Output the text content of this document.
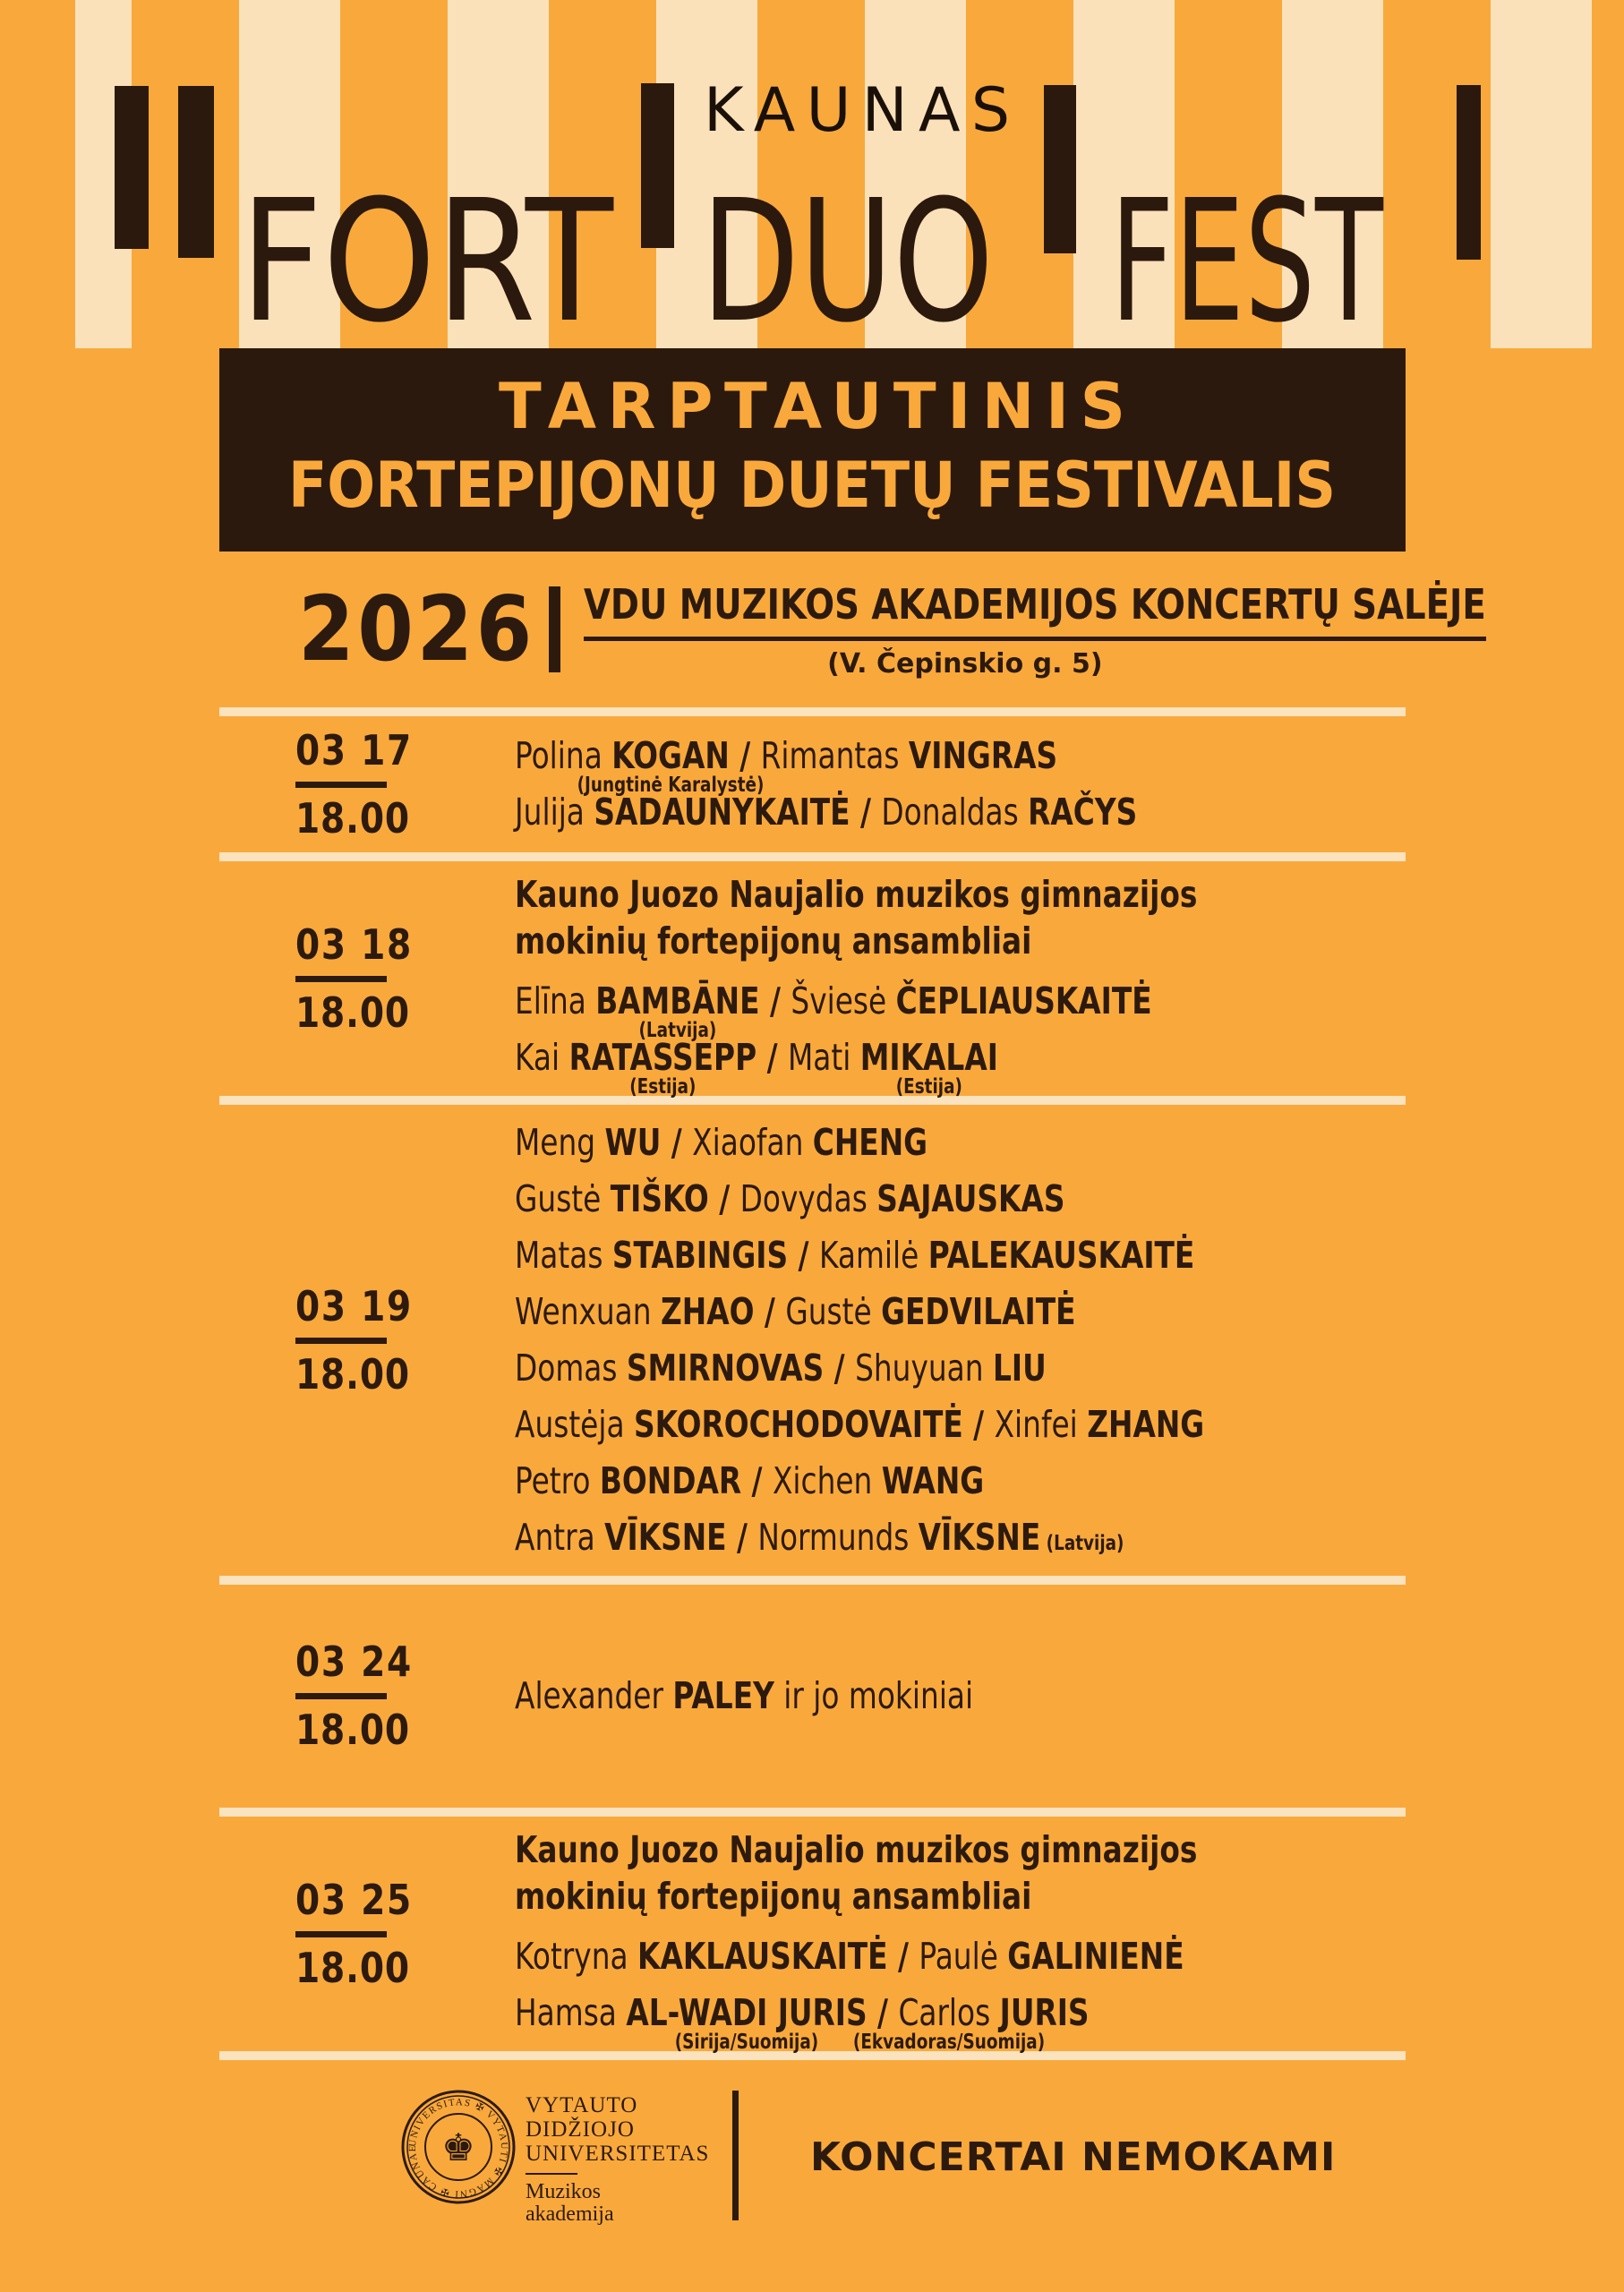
KAUNAS
FORT DUO FEST
TARPTAUTINIS
FORTEPIJONŲ DUETŲ FESTIVALIS
2026 VDU MUZIKOS AKADEMIJOS KONCERTŲ SALĖJE
(V. Čepinskio g. 5)
03 17
18.00
Polina KOGAN
(Jungtinė Karalystė)
/ Rimantas VINGRAS
Julija SADAUNYKAITĖ / Donaldas RAČYS
03 18
18.00
Kauno Juozo Naujalio muzikos gimnazijos
mokinių fortepijonų ansambliai
Elīna BAMBĀNE
(Latvija)
/ Šviesė ČEPLIAUSKAITĖ
Kai RATASSEPP
(Estija)
/ Mati MIKALAI
(Estija)
03 19
18.00
Meng WU / Xiaofan CHENG
Gustė TIŠKO / Dovydas SAJAUSKAS
Matas STABINGIS / Kamilė PALEKAUSKAITĖ
Wenxuan ZHAO / Gustė GEDVILAITĖ
Domas SMIRNOVAS / Shuyuan LIU
Austėja SKOROCHODOVAITĖ / Xinfei ZHANG
Petro BONDAR / Xichen WANG
Antra VĪKSNE / Normunds VĪKSNE (Latvija)
03 24
18.00
Alexander PALEY ir jo mokiniai
03 25
18.00
Kauno Juozo Naujalio muzikos gimnazijos
mokinių fortepijonų ansambliai
Kotryna KAKLAUSKAITĖ / Paulė GALINIENĖ
Hamsa AL-WADI JURIS
(Sirija/Suomija)
/ Carlos
(Ekvadoras/Suomija)
JURIS
UNIVERSITAS ✠ VYTAUTI ✠ MAGNI ✠ CAUNAE ♚
VYTAUTO
DIDŽIOJO
UNIVERSITETAS
Muzikos
akademija
KONCERTAI NEMOKAMI
